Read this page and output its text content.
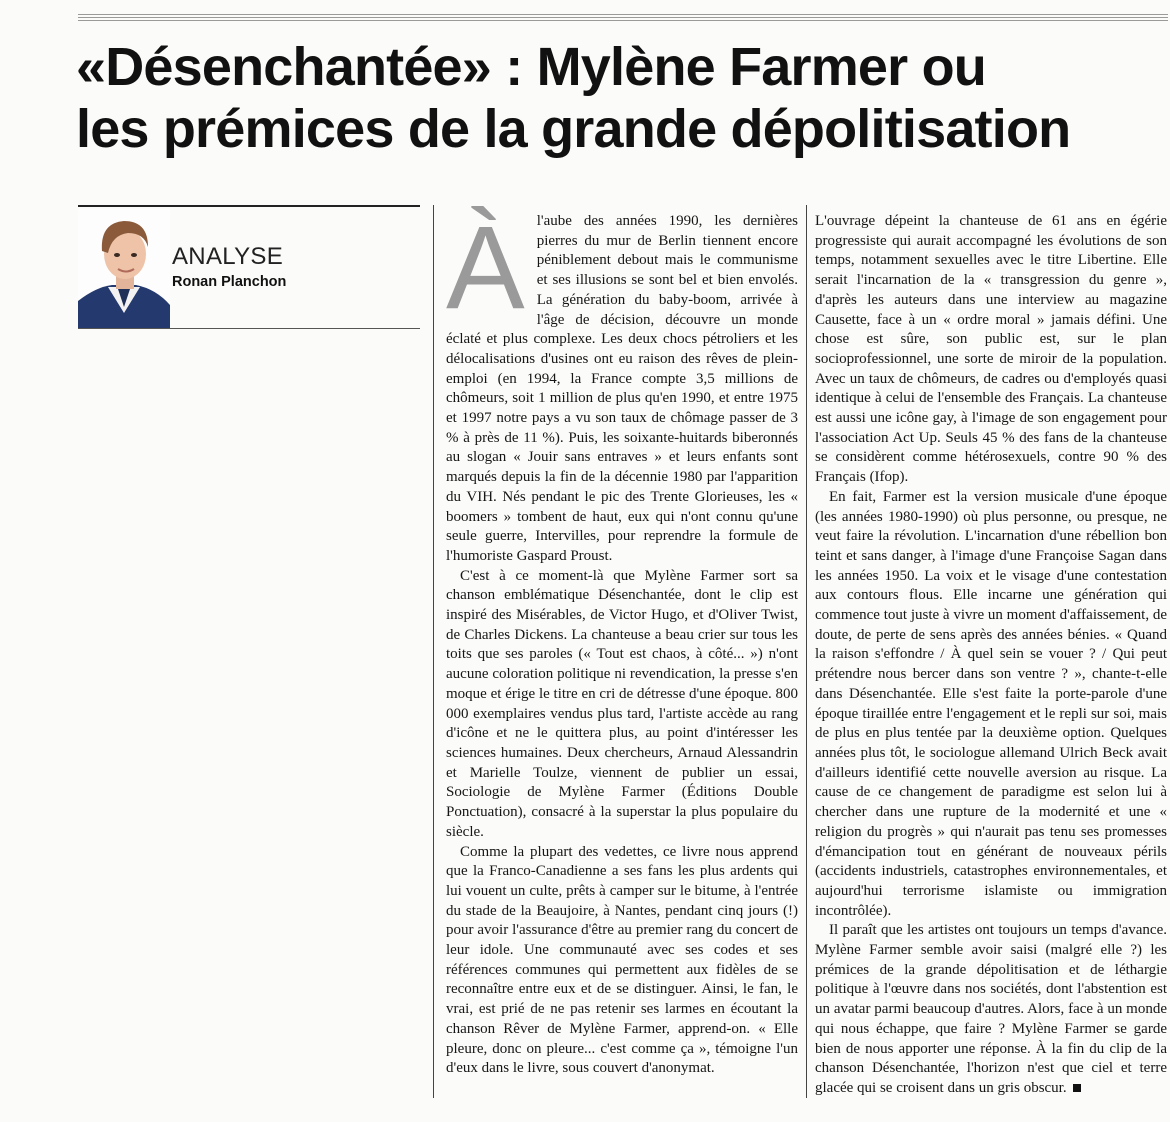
«Désenchantée» : Mylène Farmer ou
les prémices de la grande dépolitisation
ANALYSE
Ronan Planchon Àl'aube des années 1990, les dernières pierres du mur de Berlin tiennent encore péniblement debout mais le communisme et ses illusions se sont bel et bien envolés. La génération du baby-boom, arrivée à l'âge de décision, découvre un monde éclaté et plus complexe. Les deux chocs pétroliers et les délocalisations d'usines ont eu raison des rêves de plein-emploi (en 1994, la France compte 3,5 millions de chômeurs, soit 1 million de plus qu'en 1990, et entre 1975 et 1997 notre pays a vu son taux de chômage passer de 3 % à près de 11 %). Puis, les soixante-huitards biberonnés au slogan « Jouir sans entraves » et leurs enfants sont marqués depuis la fin de la décennie 1980 par l'apparition du VIH. Nés pendant le pic des Trente Glorieuses, les « boomers » tombent de haut, eux qui n'ont connu qu'une seule guerre, Intervilles, pour reprendre la formule de l'humoriste Gaspard Proust.

C'est à ce moment-là que Mylène Farmer sort sa chanson emblématique Désenchantée, dont le clip est inspiré des Misérables, de Victor Hugo, et d'Oliver Twist, de Charles Dickens. La chanteuse a beau crier sur tous les toits que ses paroles (« Tout est chaos, à côté... ») n'ont aucune coloration politique ni revendication, la presse s'en moque et érige le titre en cri de détresse d'une époque. 800 000 exemplaires vendus plus tard, l'artiste accède au rang d'icône et ne le quittera plus, au point d'intéresser les sciences humaines. Deux chercheurs, Arnaud Alessandrin et Marielle Toulze, viennent de publier un essai, Sociologie de Mylène Farmer (Éditions Double Ponctuation), consacré à la superstar la plus populaire du siècle.

Comme la plupart des vedettes, ce livre nous apprend que la Franco-Canadienne a ses fans les plus ardents qui lui vouent un culte, prêts à camper sur le bitume, à l'entrée du stade de la Beaujoire, à Nantes, pendant cinq jours (!) pour avoir l'assurance d'être au premier rang du concert de leur idole. Une communauté avec ses codes et ses références communes qui permettent aux fidèles de se reconnaître entre eux et de se distinguer. Ainsi, le fan, le vrai, est prié de ne pas retenir ses larmes en écoutant la chanson Rêver de Mylène Farmer, apprend-on. « Elle pleure, donc on pleure... c'est comme ça », témoigne l'un d'eux dans le livre, sous couvert d'anonymat.

L'ouvrage dépeint la chanteuse de 61 ans en égérie progressiste qui aurait accompagné les évolutions de son temps, notamment sexuelles avec le titre Libertine. Elle serait l'incarnation de la « transgression du genre », d'après les auteurs dans une interview au magazine Causette, face à un « ordre moral » jamais défini. Une chose est sûre, son public est, sur le plan socioprofessionnel, une sorte de miroir de la population. Avec un taux de chômeurs, de cadres ou d'employés quasi identique à celui de l'ensemble des Français. La chanteuse est aussi une icône gay, à l'image de son engagement pour l'association Act Up. Seuls 45 % des fans de la chanteuse se considèrent comme hétérosexuels, contre 90 % des Français (Ifop).

En fait, Farmer est la version musicale d'une époque (les années 1980-1990) où plus personne, ou presque, ne veut faire la révolution. L'incarnation d'une rébellion bon teint et sans danger, à l'image d'une Françoise Sagan dans les années 1950. La voix et le visage d'une contestation aux contours flous. Elle incarne une génération qui commence tout juste à vivre un moment d'affaissement, de doute, de perte de sens après des années bénies. « Quand la raison s'effondre / À quel sein se vouer ? / Qui peut prétendre nous bercer dans son ventre ? », chante-t-elle dans Désenchantée. Elle s'est faite la porte-parole d'une époque tiraillée entre l'engagement et le repli sur soi, mais de plus en plus tentée par la deuxième option. Quelques années plus tôt, le sociologue allemand Ulrich Beck avait d'ailleurs identifié cette nouvelle aversion au risque. La cause de ce changement de paradigme est selon lui à chercher dans une rupture de la modernité et une « religion du progrès » qui n'aurait pas tenu ses promesses d'émancipation tout en générant de nouveaux périls (accidents industriels, catastrophes environnementales, et aujourd'hui terrorisme islamiste ou immigration incontrôlée).

Il paraît que les artistes ont toujours un temps d'avance. Mylène Farmer semble avoir saisi (malgré elle ?) les prémices de la grande dépolitisation et de léthargie politique à l'œuvre dans nos sociétés, dont l'abstention est un avatar parmi beaucoup d'autres. Alors, face à un monde qui nous échappe, que faire ? Mylène Farmer se garde bien de nous apporter une réponse. À la fin du clip de la chanson Désenchantée, l'horizon n'est que ciel et terre glacée qui se croisent dans un gris obscur.
